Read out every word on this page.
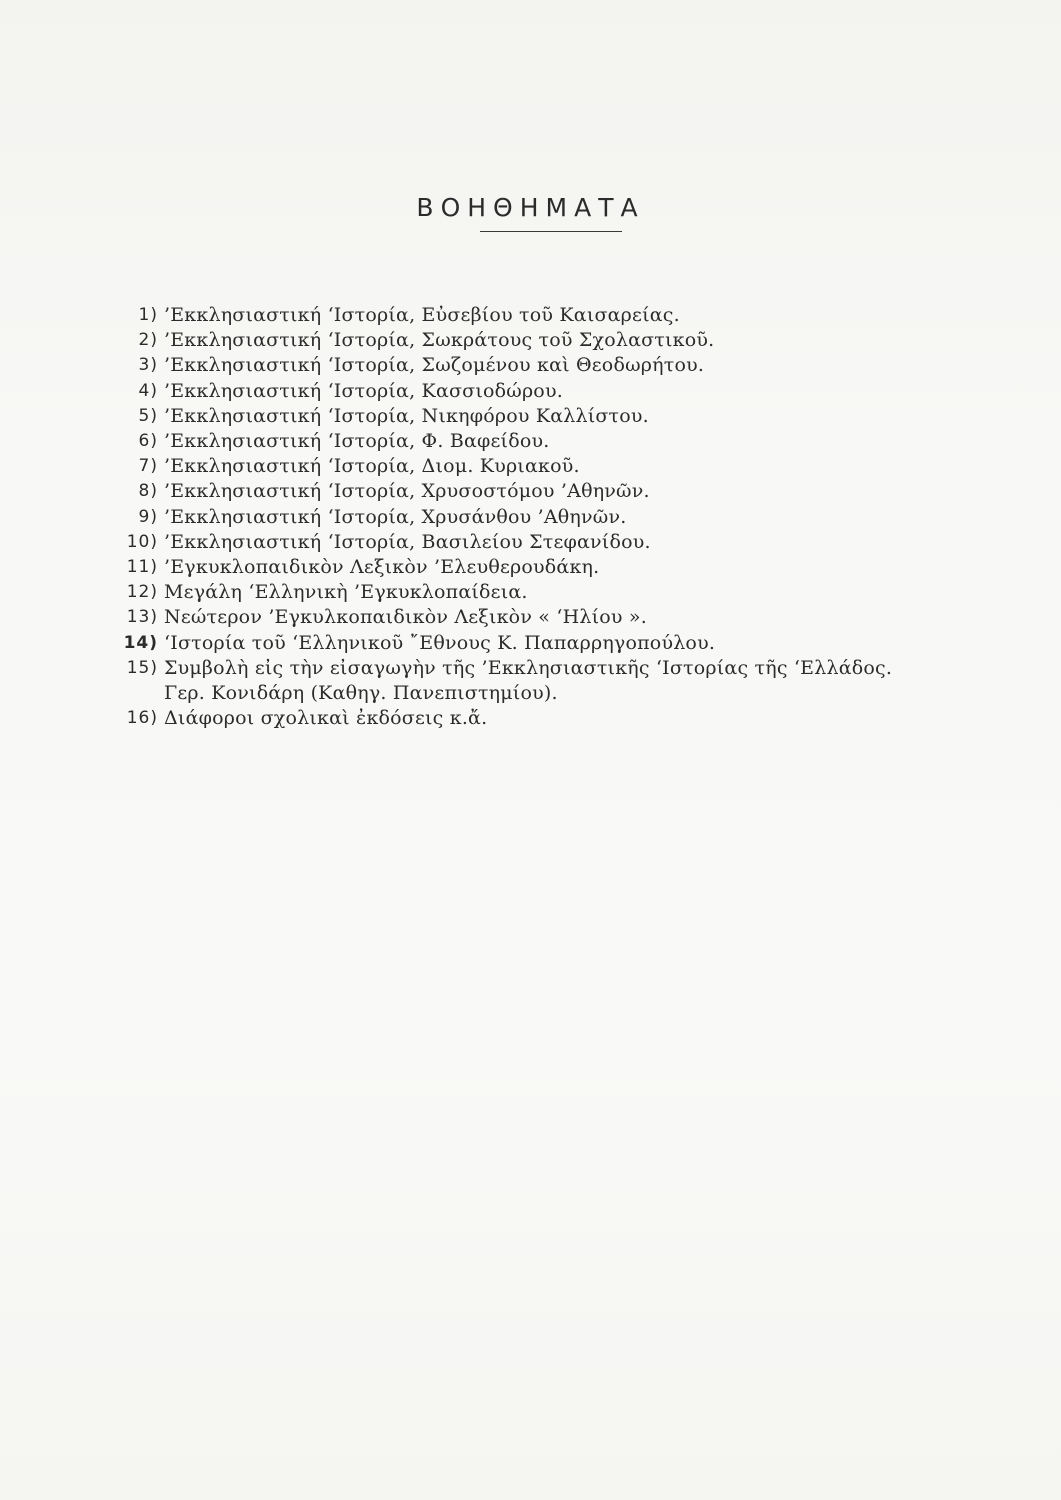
ΒΟΗΘΗΜΑΤΑ
1) ’Εκκλησιαστική ‘Ιστορία, Εὐσεβίου τοῦ Καισαρείας.
2) ’Εκκλησιαστική ‘Ιστορία, Σωκράτους τοῦ Σχολαστικοῦ.
3) ’Εκκλησιαστική ‘Ιστορία, Σωζομένου καὶ Θεοδωρήτου.
4) ’Εκκλησιαστική ‘Ιστορία, Κασσιοδώρου.
5) ’Εκκλησιαστική ‘Ιστορία, Νικηφόρου Καλλίστου.
6) ’Εκκλησιαστική ‘Ιστορία, Φ. Βαφείδου.
7) ’Εκκλησιαστική ‘Ιστορία, Διομ. Κυριακοῦ.
8) ’Εκκλησιαστική ‘Ιστορία, Χρυσοστόμου ’Αθηνῶν.
9) ’Εκκλησιαστική ‘Ιστορία, Χρυσάνθου ’Αθηνῶν.
10) ’Εκκλησιαστική ‘Ιστορία, Βασιλείου Στεφανίδου.
11) ’Εγκυκλοπαιδικὸν Λεξικὸν ’Ελευθερουδάκη.
12) Μεγάλη ‘Ελληνικὴ ’Εγκυκλοπαίδεια.
13) Νεώτερον ’Εγκυλκοπαιδικὸν Λεξικὸν « ‘Ηλίου ».
14) ‘Ιστορία τοῦ ‘Ελληνικοῦ ῎Εθνους Κ. Παπαρρηγοπούλου.
15) Συμβολὴ εἰς τὴν εἰσαγωγὴν τῆς ’Εκκλησιαστικῆς ‘Ιστορίας τῆς ‘Ελλάδος.
Γερ. Κονιδάρη (Καθηγ. Πανεπιστημίου).
16) Διάφοροι σχολικαὶ ἐκδόσεις κ.ἄ.
